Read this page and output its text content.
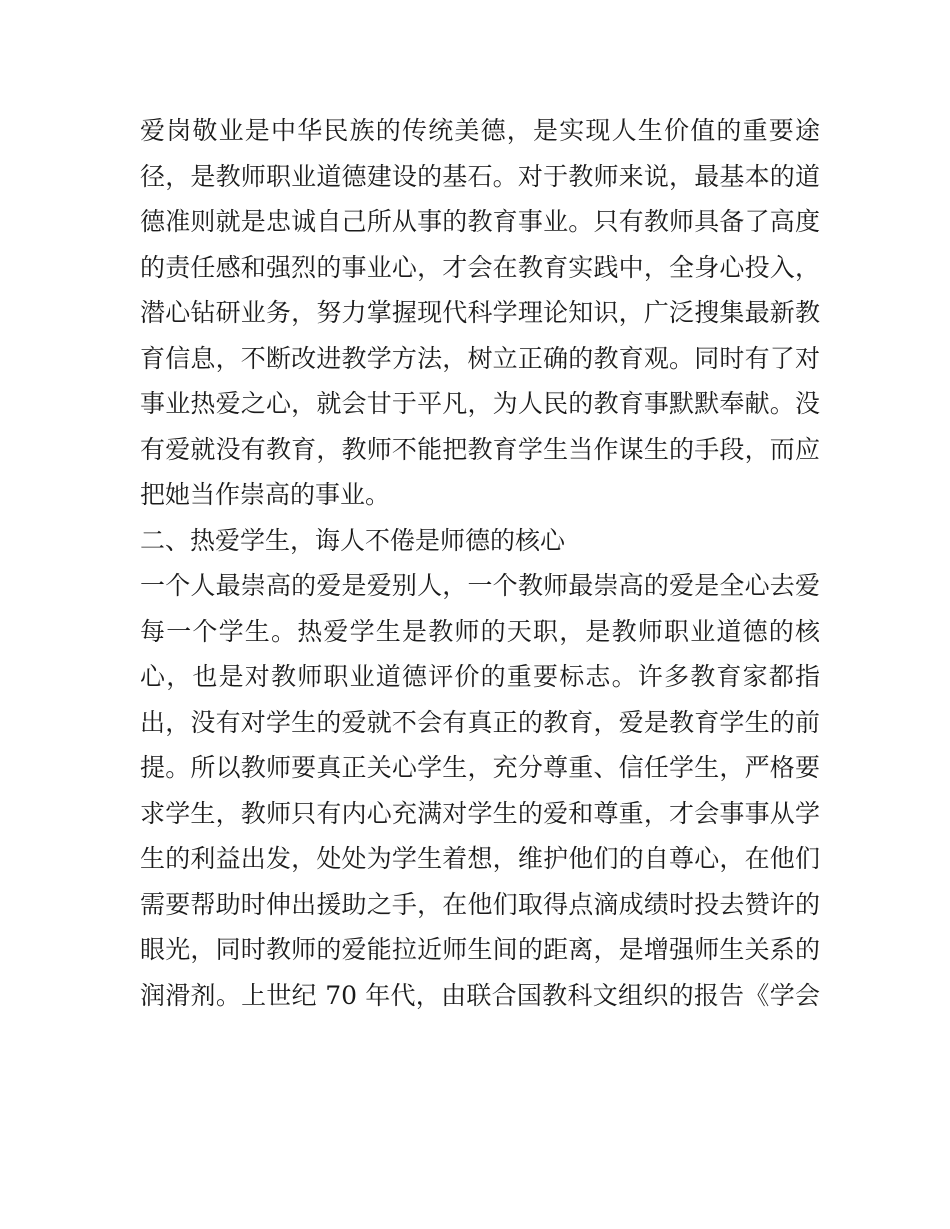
爱岗敬业是中华民族的传统美德，是实现人生价值的重要途
径，是教师职业道德建设的基石。对于教师来说，最基本的道
德准则就是忠诚自己所从事的教育事业。只有教师具备了高度
的责任感和强烈的事业心，才会在教育实践中，全身心投入，
潜心钻研业务，努力掌握现代科学理论知识，广泛搜集最新教
育信息，不断改进教学方法，树立正确的教育观。同时有了对
事业热爱之心，就会甘于平凡，为人民的教育事默默奉献。没
有爱就没有教育，教师不能把教育学生当作谋生的手段，而应
把她当作崇高的事业。
二、热爱学生，诲人不倦是师德的核心
一个人最崇高的爱是爱别人，一个教师最崇高的爱是全心去爱
每一个学生。热爱学生是教师的天职，是教师职业道德的核
心，也是对教师职业道德评价的重要标志。许多教育家都指
出，没有对学生的爱就不会有真正的教育，爱是教育学生的前
提。所以教师要真正关心学生，充分尊重、信任学生，严格要
求学生，教师只有内心充满对学生的爱和尊重，才会事事从学
生的利益出发，处处为学生着想，维护他们的自尊心，在他们
需要帮助时伸出援助之手，在他们取得点滴成绩时投去赞许的
眼光，同时教师的爱能拉近师生间的距离，是增强师生关系的
润滑剂。上世纪 70 年代，由联合国教科文组织的报告《学会
